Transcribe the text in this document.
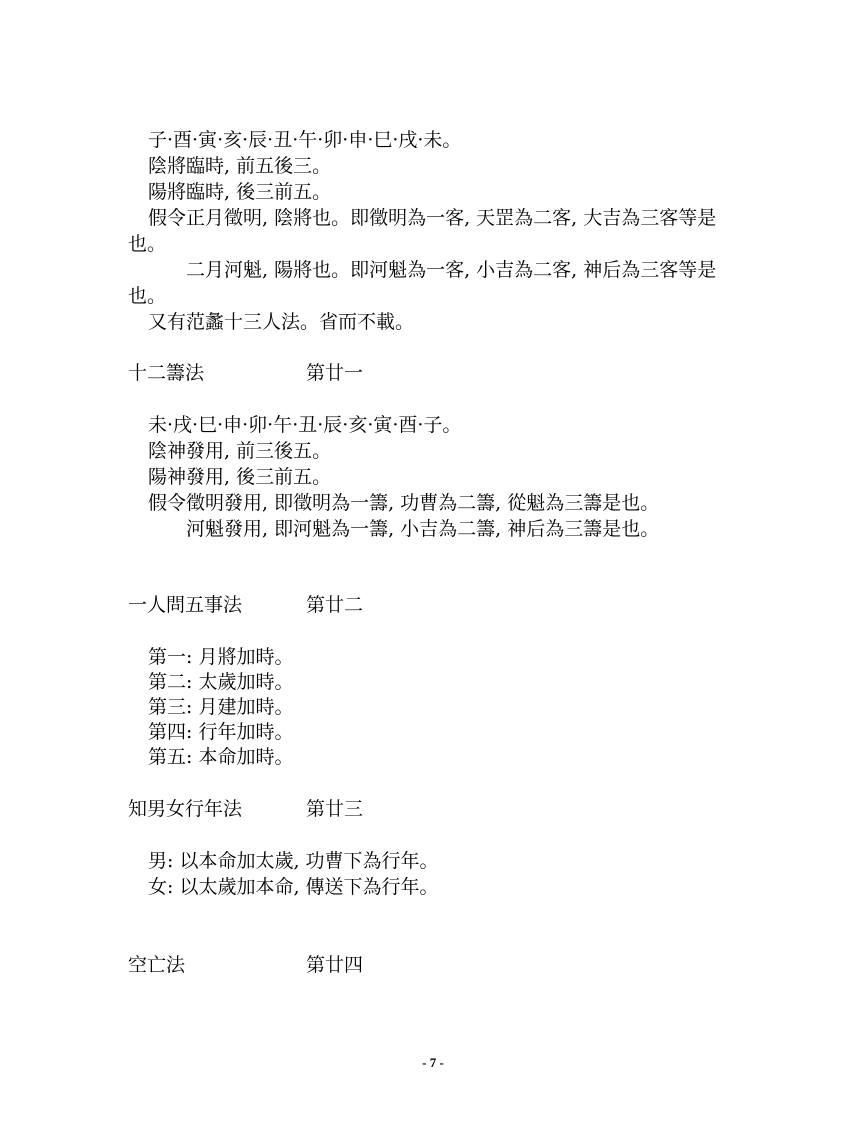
子·酉·寅·亥·辰·丑·午·卯·申·巳·戌·未。
陰將臨時, 前五後三。
陽將臨時, 後三前五。
假令正月徵明, 陰將也。即徵明為一客, 天罡為二客, 大吉為三客等是
也。
二月河魁, 陽將也。即河魁為一客, 小吉為二客, 神后為三客等是
也。
又有范蠡十三人法。省而不載。
十二籌法	第廿一
未·戌·巳·申·卯·午·丑·辰·亥·寅·酉·子。
陰神發用, 前三後五。
陽神發用, 後三前五。
假令徵明發用, 即徵明為一籌, 功曹為二籌, 從魁為三籌是也。
河魁發用, 即河魁為一籌, 小吉為二籌, 神后為三籌是也。
一人問五事法	第廿二
第一: 月將加時。
第二: 太歲加時。
第三: 月建加時。
第四: 行年加時。
第五: 本命加時。
知男女行年法	第廿三
男: 以本命加太歲, 功曹下為行年。
女: 以太歲加本命, 傳送下為行年。
空亡法	第廿四
- 7 -
